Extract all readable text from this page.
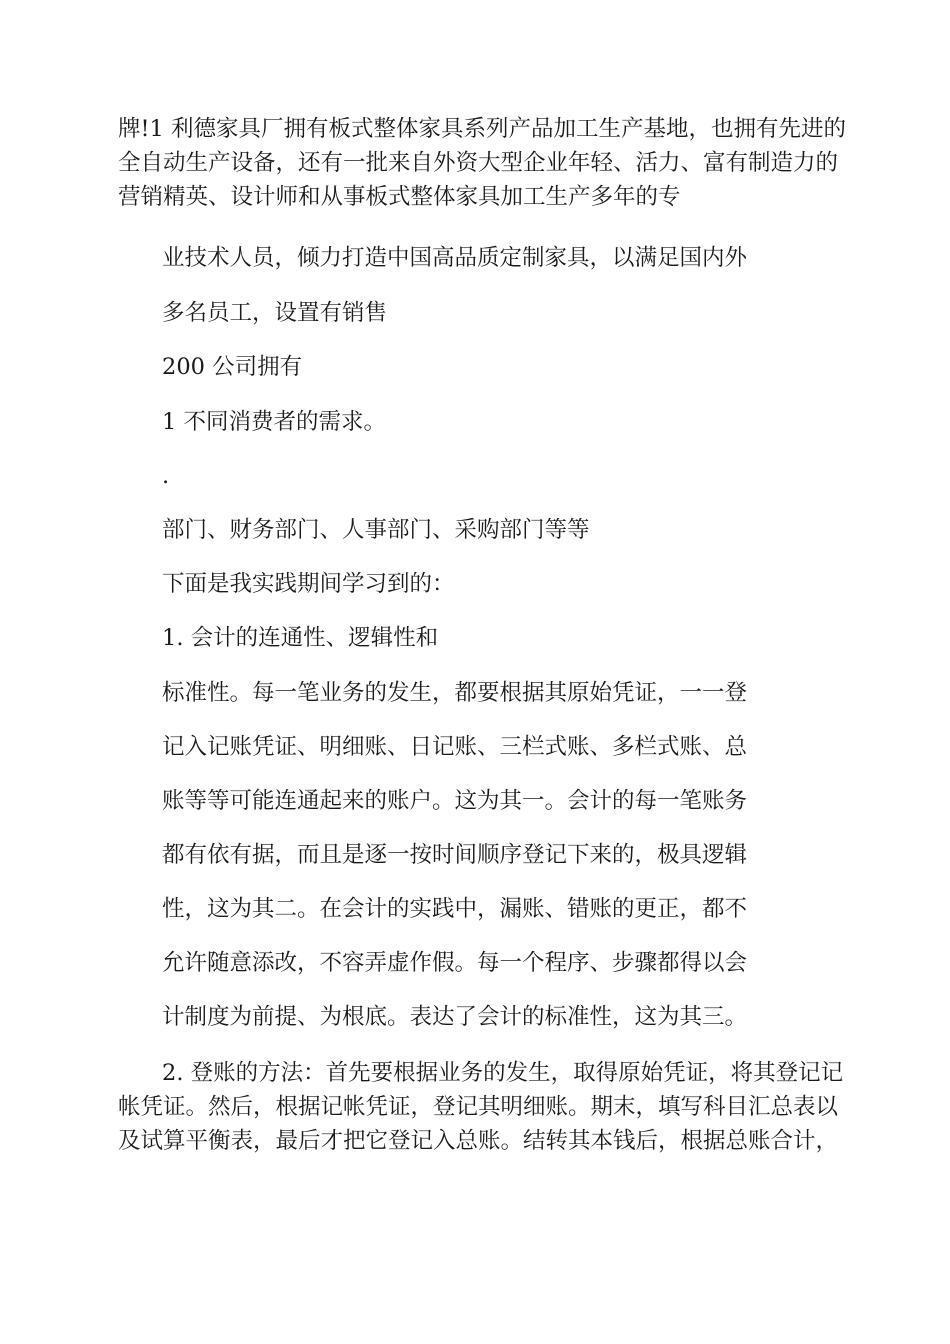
牌!1 利德家具厂拥有板式整体家具系列产品加工生产基地，也拥有先进的
全自动生产设备，还有一批来自外资大型企业年轻、活力、富有制造力的
营销精英、设计师和从事板式整体家具加工生产多年的专

业技术人员，倾力打造中国高品质定制家具，以满足国内外

多名员工，设置有销售

200 公司拥有

1 不同消费者的需求。

.

部门、财务部门、人事部门、采购部门等等

下面是我实践期间学习到的：

1. 会计的连通性、逻辑性和

标准性。每一笔业务的发生，都要根据其原始凭证，一一登

记入记账凭证、明细账、日记账、三栏式账、多栏式账、总

账等等可能连通起来的账户。这为其一。会计的每一笔账务

都有依有据，而且是逐一按时间顺序登记下来的，极具逻辑

性，这为其二。在会计的实践中，漏账、错账的更正，都不

允许随意添改，不容弄虚作假。每一个程序、步骤都得以会

计制度为前提、为根底。表达了会计的标准性，这为其三。

2. 登账的方法：首先要根据业务的发生，取得原始凭证，将其登记记
帐凭证。然后，根据记帐凭证，登记其明细账。期末，填写科目汇总表以
及试算平衡表，最后才把它登记入总账。结转其本钱后，根据总账合计，
